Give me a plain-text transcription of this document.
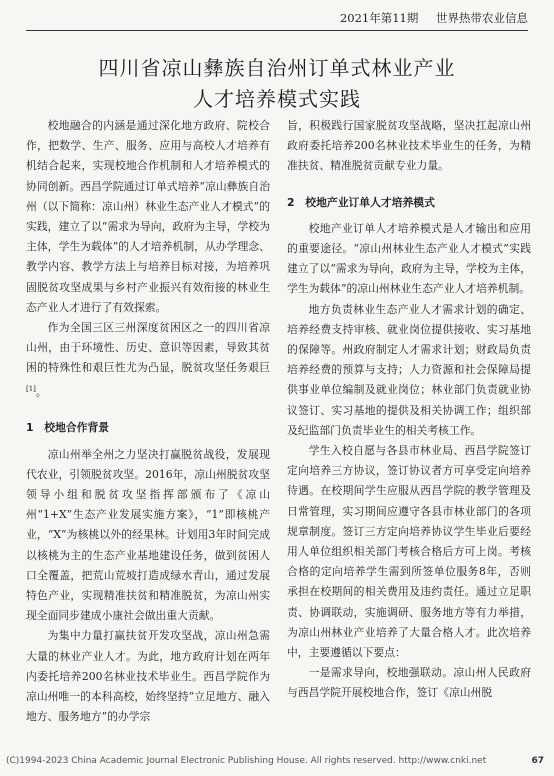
2021年第11期 世界热带农业信息
四川省凉山彝族自治州订单式林业产业
人才培养模式实践

校地融合的内涵是通过深化地方政府、院校合作，把数学、生产、服务、应用与高校人才培养有机结合起来，实现校地合作机制和人才培养模式的协同创新。西昌学院通过订单式培养“凉山彝族自治州（以下简称：凉山州）林业生态产业人才模式”的实践，建立了以“需求为导向，政府为主导，学校为主体，学生为载体”的人才培养机制，从办学理念、教学内容、教学方法上与培养目标对接，为培养巩固脱贫攻坚成果与乡村产业振兴有效衔接的林业生态产业人才进行了有效探索。

作为全国三区三州深度贫困区之一的四川省凉山州，由于环境性、历史、意识等因素，导致其贫困的特殊性和艰巨性尤为凸显，脱贫攻坚任务艰巨[1]。

1　校地合作背景

凉山州举全州之力坚决打赢脱贫战役，发展现代农业，引领脱贫攻坚。2016年，凉山州脱贫攻坚领导小组和脱贫攻坚指挥部颁布了《凉山州“1+X”生态产业发展实施方案》，“1”即核桃产业，“X”为核桃以外的经果林。计划用3年时间完成以核桃为主的生态产业基地建设任务，做到贫困人口全覆盖，把荒山荒坡打造成绿水青山，通过发展特色产业，实现精准扶贫和精准脱贫，为凉山州实现全面同步建成小康社会做出重大贡献。

为集中力量打赢扶贫开发攻坚战，凉山州急需大量的林业产业人才。为此，地方政府计划在两年内委托培养200名林业技术毕业生。西昌学院作为凉山州唯一的本科高校，始终坚持“立足地方、融入地方、服务地方”的办学宗

旨，积极践行国家脱贫攻坚战略，坚决扛起凉山州政府委托培养200名林业技术毕业生的任务，为精准扶贫、精准脱贫贡献专业力量。

2　校地产业订单人才培养模式

校地产业订单人才培养模式是人才输出和应用的重要途径。“凉山州林业生态产业人才模式”实践建立了以“需求为导向，政府为主导，学校为主体，学生为载体”的凉山州林业生态产业人才培养机制。

地方负责林业生态产业人才需求计划的确定、培养经费支持审核、就业岗位提供接收、实习基地的保障等。州政府制定人才需求计划；财政局负责培养经费的预算与支持；人力资源和社会保障局提供事业单位编制及就业岗位；林业部门负责就业协议签订、实习基地的提供及相关协调工作；组织部及纪监部门负责毕业生的相关考核工作。

学生入校自愿与各县市林业局、西昌学院签订定向培养三方协议，签订协议者方可享受定向培养待遇。在校期间学生应服从西昌学院的教学管理及日常管理，实习期间应遵守各县市林业部门的各项规章制度。签订三方定向培养协议学生毕业后要经用人单位组织相关部门考核合格后方可上岗。考核合格的定向培养学生需到所签单位服务8年，否则承担在校期间的相关费用及违约责任。通过立足职责、协调联动，实施调研、服务地方等有力举措，为凉山州林业产业培养了大量合格人才。此次培养中，主要遵循以下要点：

一是需求导向，校地强联动。凉山州人民政府与西昌学院开展校地合作，签订《凉山州脱

(C)1994-2023 China Academic Journal Electronic Publishing House. All rights reserved. http://www.cnki.net	67
